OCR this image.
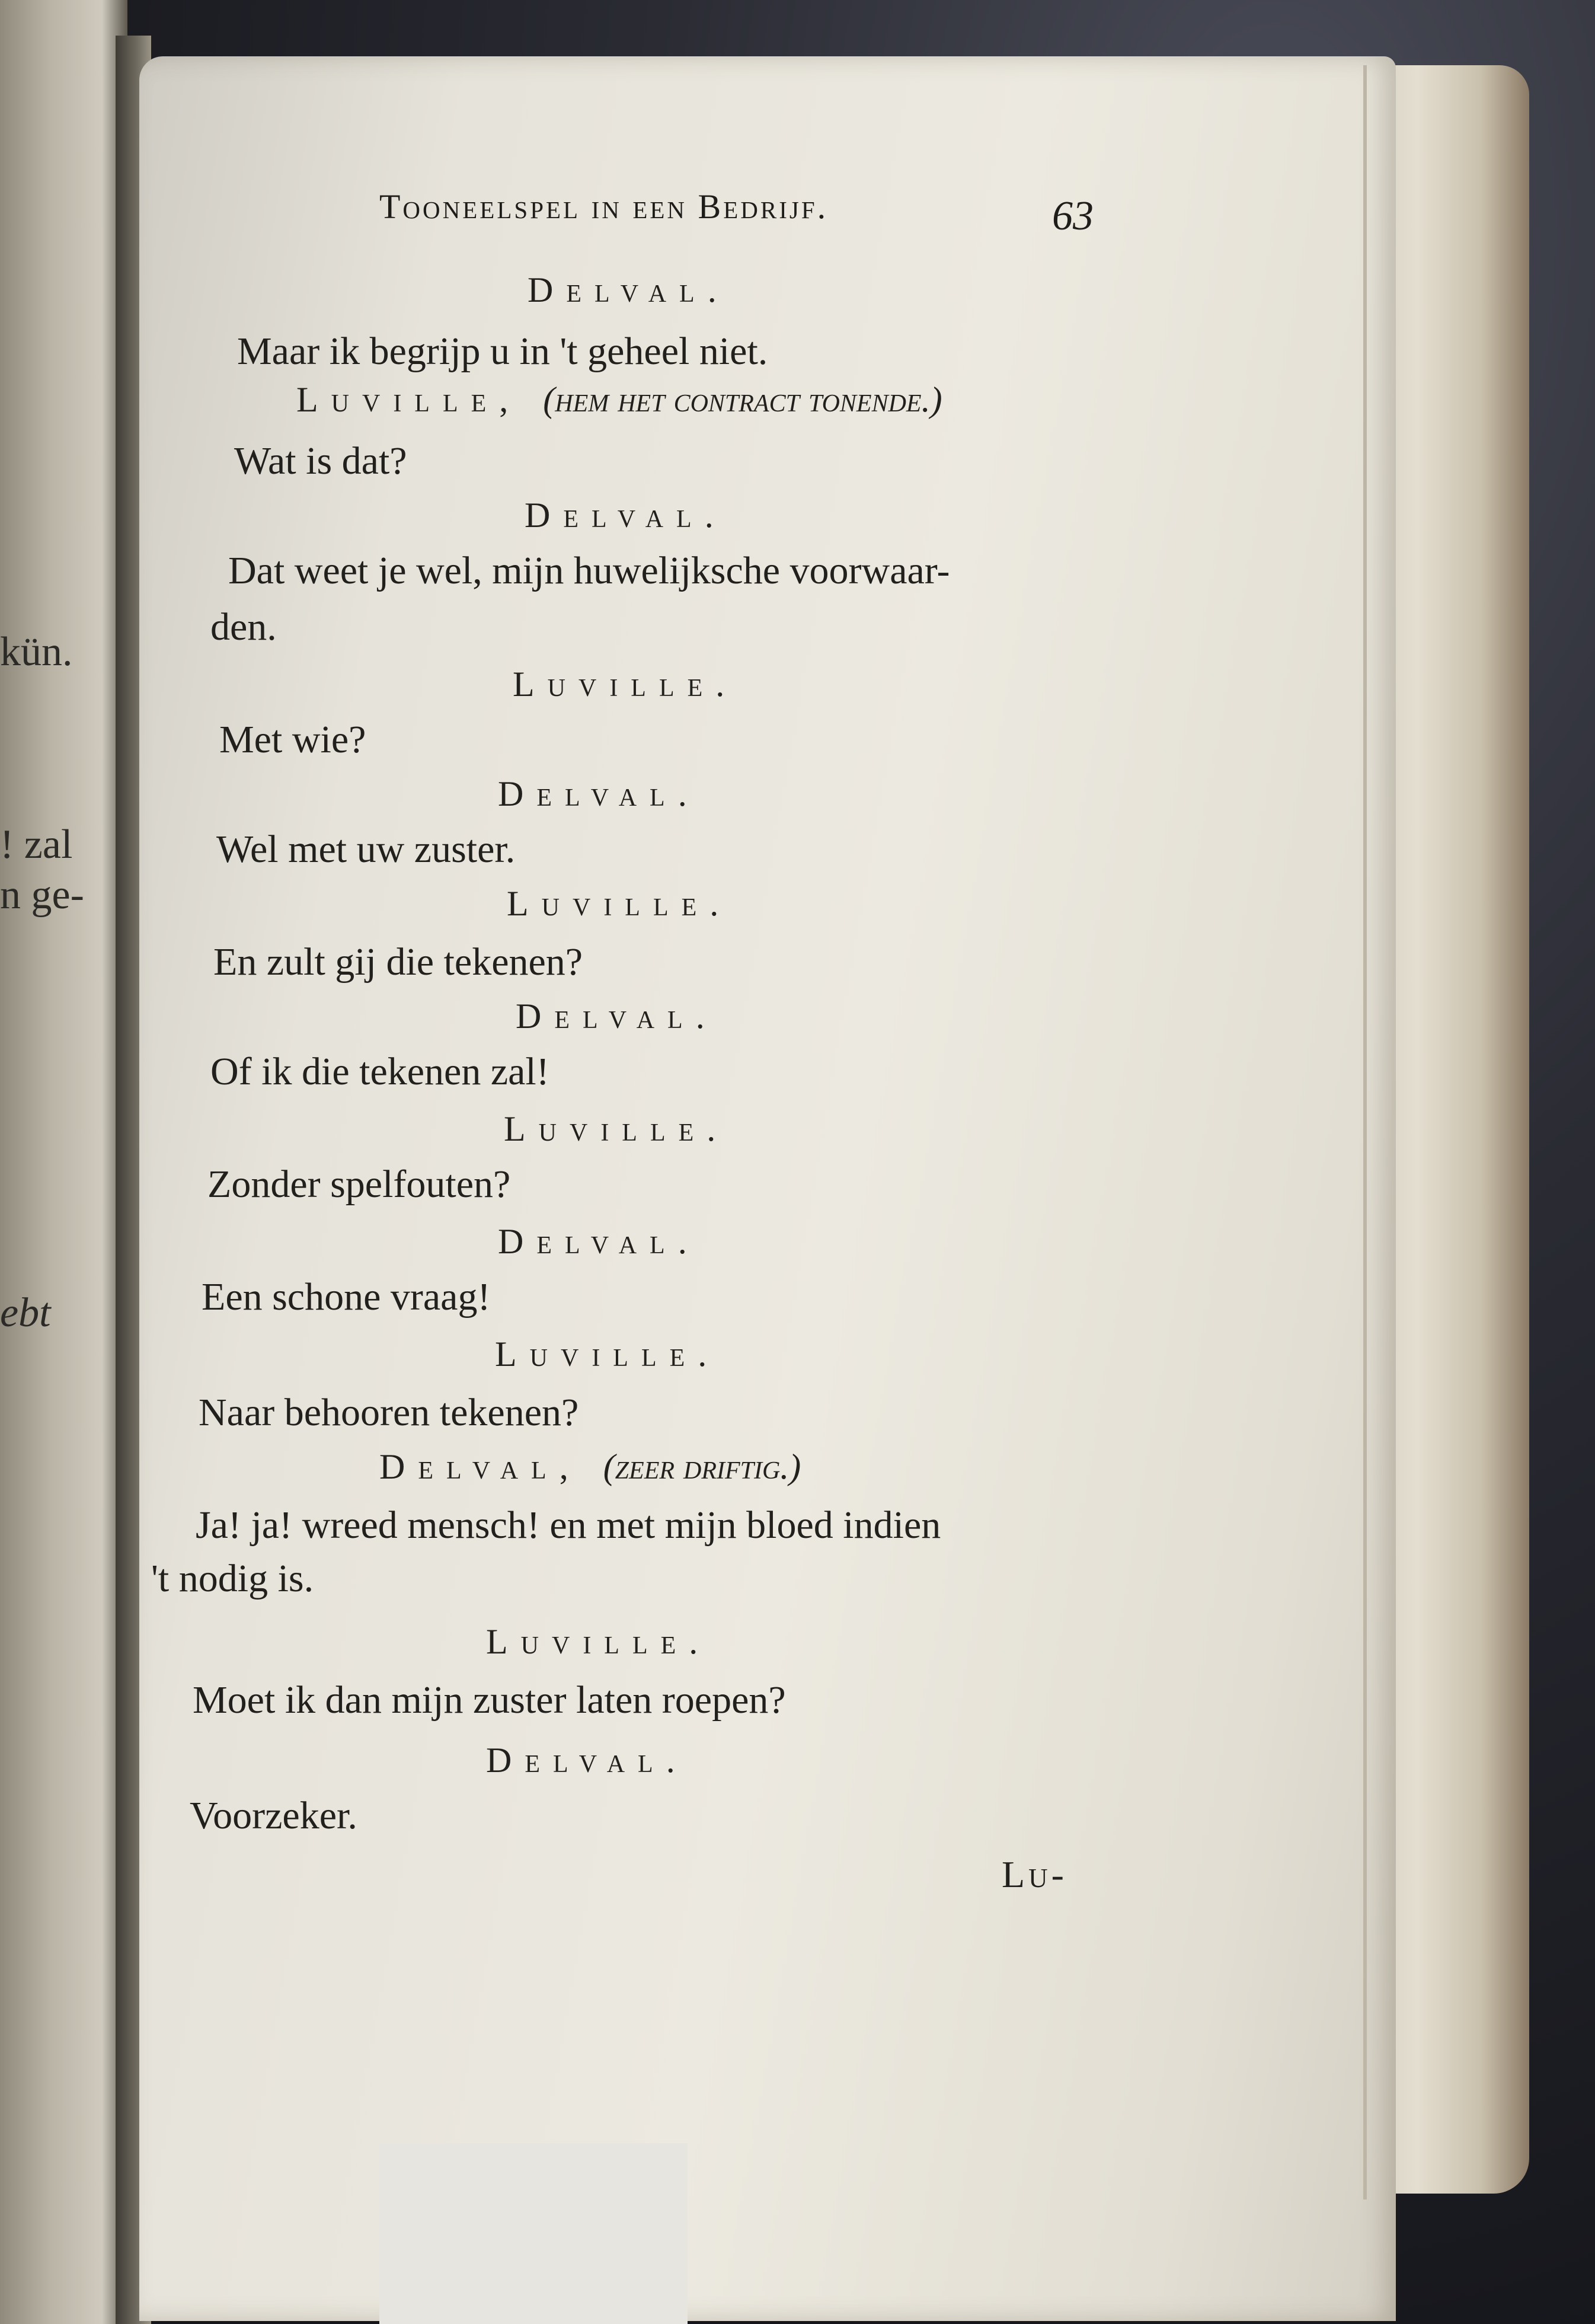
kün.
! zal
n ge-
ebt
Tooneelspel in een Bedrijf.	63
Delval.
Maar ik begrijp u in 't geheel niet.
Luville, (hem het contract tonende.)
Wat is dat?
Delval.
Dat weet je wel, mijn huwelijksche voorwaar-
den.
Luville.
Met wie?
Delval.
Wel met uw zuster.
Luville.
En zult gij die tekenen?
Delval.
Of ik die tekenen zal!
Luville.
Zonder spelfouten?
Delval.
Een schone vraag!
Luville.
Naar behooren tekenen?
Delval, (zeer driftig.)
Ja! ja! wreed mensch! en met mijn bloed indien
't nodig is.
Luville.
Moet ik dan mijn zuster laten roepen?
Delval.
Voorzeker.
Lu-
